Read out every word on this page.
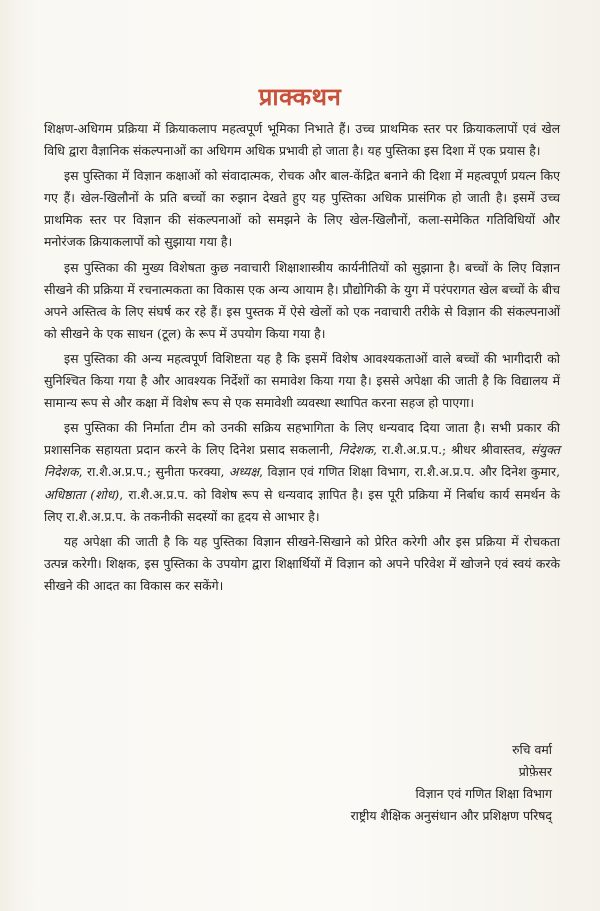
प्राक्कथन

शिक्षण-अधिगम प्रक्रिया में क्रियाकलाप महत्वपूर्ण भूमिका निभाते हैं। उच्च प्राथमिक स्तर पर क्रियाकलापों एवं खेल विधि द्वारा वैज्ञानिक संकल्पनाओं का अधिगम अधिक प्रभावी हो जाता है। यह पुस्तिका इस दिशा में एक प्रयास है।

इस पुस्तिका में विज्ञान कक्षाओं को संवादात्मक, रोचक और बाल-केंद्रित बनाने की दिशा में महत्वपूर्ण प्रयत्न किए गए हैं। खेल-खिलौनों के प्रति बच्चों का रुझान देखते हुए यह पुस्तिका अधिक प्रासंगिक हो जाती है। इसमें उच्च प्राथमिक स्तर पर विज्ञान की संकल्पनाओं को समझने के लिए खेल-खिलौनों, कला-समेकित गतिविधियों और मनोरंजक क्रियाकलापों को सुझाया गया है।

इस पुस्तिका की मुख्य विशेषता कुछ नवाचारी शिक्षाशास्त्रीय कार्यनीतियों को सुझाना है। बच्चों के लिए विज्ञान सीखने की प्रक्रिया में रचनात्मकता का विकास एक अन्य आयाम है। प्रौद्योगिकी के युग में परंपरागत खेल बच्चों के बीच अपने अस्तित्व के लिए संघर्ष कर रहे हैं। इस पुस्तक में ऐसे खेलों को एक नवाचारी तरीके से विज्ञान की संकल्पनाओं को सीखने के एक साधन (टूल) के रूप में उपयोग किया गया है।

इस पुस्तिका की अन्य महत्वपूर्ण विशिष्टता यह है कि इसमें विशेष आवश्यकताओं वाले बच्चों की भागीदारी को सुनिश्चित किया गया है और आवश्यक निर्देशों का समावेश किया गया है। इससे अपेक्षा की जाती है कि विद्यालय में सामान्य रूप से और कक्षा में विशेष रूप से एक समावेशी व्यवस्था स्थापित करना सहज हो पाएगा।

इस पुस्तिका की निर्माता टीम को उनकी सक्रिय सहभागिता के लिए धन्यवाद दिया जाता है। सभी प्रकार की प्रशासनिक सहायता प्रदान करने के लिए दिनेश प्रसाद सकलानी, निदेशक, रा.शै.अ.प्र.प.; श्रीधर श्रीवास्तव, संयुक्त निदेशक, रा.शै.अ.प्र.प.; सुनीता फरक्या, अध्यक्ष, विज्ञान एवं गणित शिक्षा विभाग, रा.शै.अ.प्र.प. और दिनेश कुमार, अधिष्ठाता (शोध), रा.शै.अ.प्र.प. को विशेष रूप से धन्यवाद ज्ञापित है। इस पूरी प्रक्रिया में निर्बाध कार्य समर्थन के लिए रा.शै.अ.प्र.प. के तकनीकी सदस्यों का हृदय से आभार है।

यह अपेक्षा की जाती है कि यह पुस्तिका विज्ञान सीखने-सिखाने को प्रेरित करेगी और इस प्रक्रिया में रोचकता उत्पन्न करेगी। शिक्षक, इस पुस्तिका के उपयोग द्वारा शिक्षार्थियों में विज्ञान को अपने परिवेश में खोजने एवं स्वयं करके सीखने की आदत का विकास कर सकेंगे।

रुचि वर्मा
प्रोफ़ेसर
विज्ञान एवं गणित शिक्षा विभाग
राष्ट्रीय शैक्षिक अनुसंधान और प्रशिक्षण परिषद्
